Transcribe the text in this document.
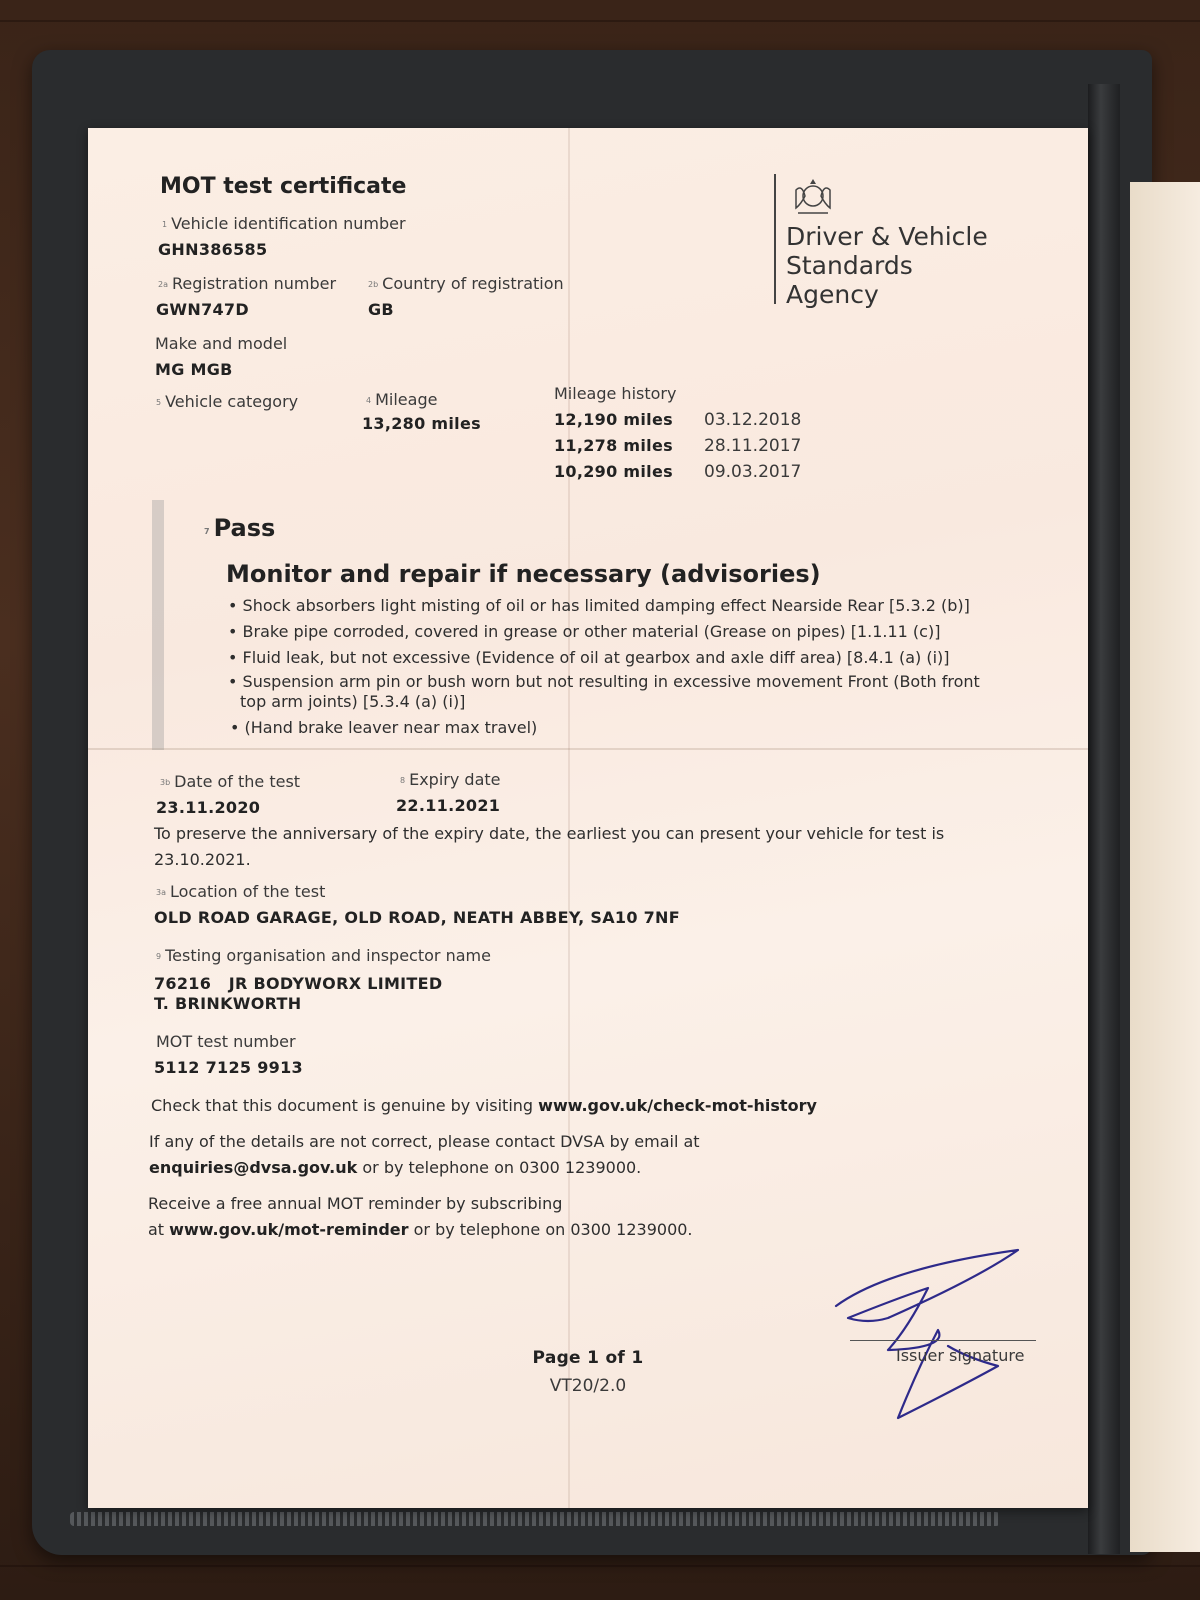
MOT test certificate
Driver & Vehicle
Standards
Agency
$^1$ Vehicle identification number
GHN386585
$^{2a}$ Registration number
GWN747D
$^{2b}$ Country of registration
GB
Make and model
MG MGB
$^5$ Vehicle category	$^4$ Mileage
13,280 miles
Mileage history
12,190 miles 03.12.2018
11,278 miles 28.11.2017
10,290 miles 09.03.2017
$^7$ Pass
Monitor and repair if necessary (advisories)
• Shock absorbers light misting of oil or has limited damping effect Nearside Rear [5.3.2 (b)]
• Brake pipe corroded, covered in grease or other material (Grease on pipes) [1.1.11 (c)]
• Fluid leak, but not excessive (Evidence of oil at gearbox and axle diff area) [8.4.1 (a) (i)]
• Suspension arm pin or bush worn but not resulting in excessive movement Front (Both front
top arm joints) [5.3.4 (a) (i)]
• (Hand brake leaver near max travel)
$^{3b}$ Date of the test
23.11.2020
$^8$ Expiry date
22.11.2021
To preserve the anniversary of the expiry date, the earliest you can present your vehicle for test is
23.10.2021.
$^{3a}$ Location of the test
OLD ROAD GARAGE, OLD ROAD, NEATH ABBEY, SA10 7NF
$^9$ Testing organisation and inspector name
76216   JR BODYWORX LIMITED
T. BRINKWORTH
MOT test number
5112 7125 9913
Check that this document is genuine by visiting www.gov.uk/check-mot-history
If any of the details are not correct, please contact DVSA by email at
enquiries@dvsa.gov.uk or by telephone on 0300 1239000.
Receive a free annual MOT reminder by subscribing
at www.gov.uk/mot-reminder or by telephone on 0300 1239000.
Issuer signature
Page 1 of 1
VT20/2.0
